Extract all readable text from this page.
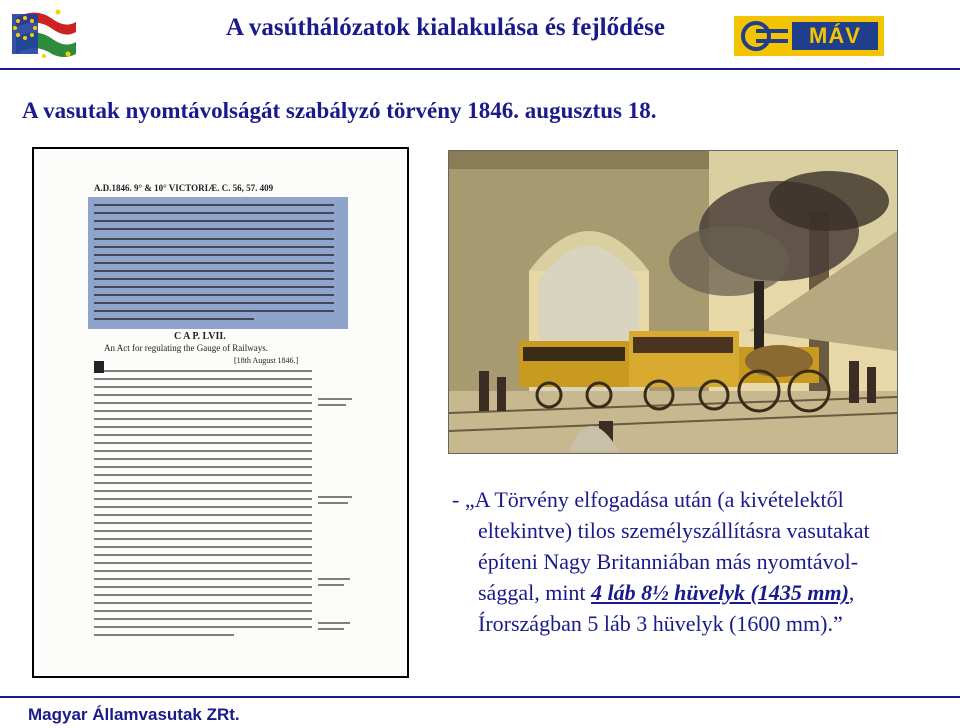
A vasúthálózatok kialakulása és fejlődése	MÁV
A vasutak nyomtávolságát szabályzó törvény 1846. augusztus 18.
A.D.1846. 9° & 10° VICTORIÆ. C. 56, 57. 409
C A P. LVII.
An Act for regulating the Gauge of Railways.
[18th August 1846.]
- „A Törvény elfogadása után (a kivételektől
eltekintve) tilos személyszállításra vasutakat
építeni Nagy Britanniában más nyomtávol-
sággal, mint 4 láb 8½ hüvelyk (1435 mm),
Írországban 5 láb 3 hüvelyk (1600 mm).”
Magyar Államvasutak ZRt.
